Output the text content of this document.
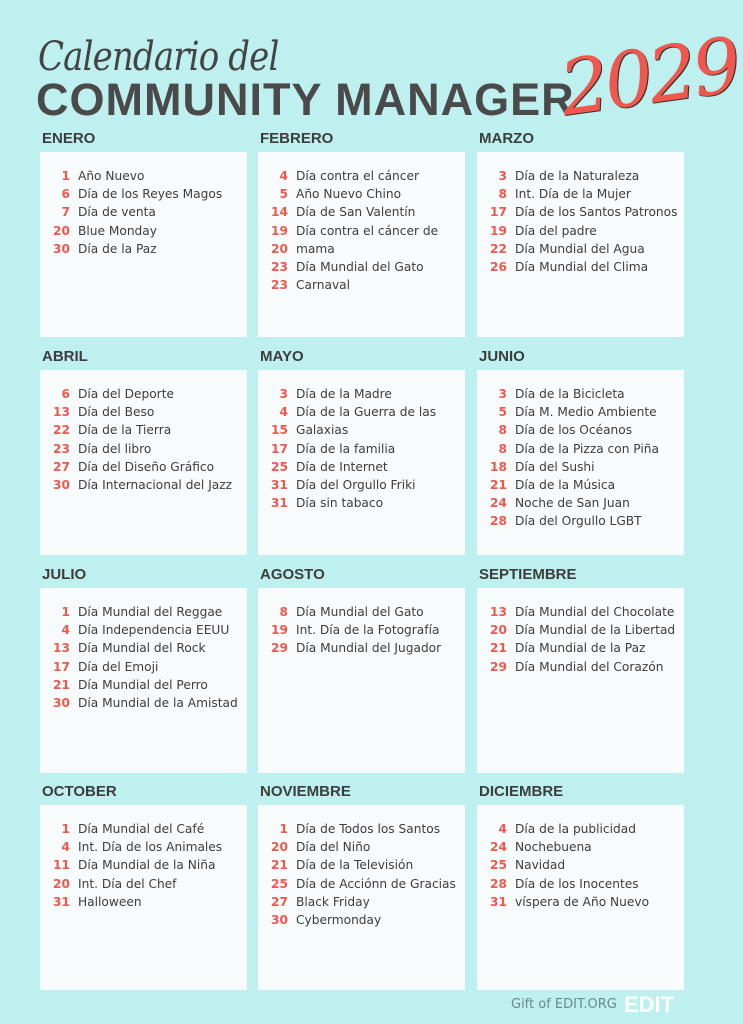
Calendario del
COMMUNITY MANAGER
2029
ENERO
1 Año Nuevo
6 Día de los Reyes Magos
7 Día de venta
20 Blue Monday
30 Día de la Paz
FEBRERO
4 Día contra el cáncer
5 Año Nuevo Chino
14 Día de San Valentín
19 Día contra el cáncer de
20 mama
23 Día Mundial del Gato
23 Carnaval
MARZO
3 Día de la Naturaleza
8 Int. Día de la Mujer
17 Día de los Santos Patronos
19 Día del padre
22 Día Mundial del Agua
26 Día Mundial del Clima
ABRIL
6 Día del Deporte
13 Día del Beso
22 Día de la Tierra
23 Día del libro
27 Día del Diseño Gráfico
30 Día Internacional del Jazz
MAYO
3 Día de la Madre
4 Día de la Guerra de las
15 Galaxias
17 Día de la familia
25 Día de Internet
31 Día del Orgullo Friki
31 Día sin tabaco
JUNIO
3 Día de la Bicicleta
5 Día M. Medio Ambiente
8 Día de los Océanos
8 Día de la Pizza con Piña
18 Día del Sushi
21 Día de la Música
24 Noche de San Juan
28 Día del Orgullo LGBT
JULIO
1 Día Mundial del Reggae
4 Día Independencia EEUU
13 Día Mundial del Rock
17 Día del Emoji
21 Día Mundial del Perro
30 Día Mundial de la Amistad
AGOSTO
8 Día Mundial del Gato
19 Int. Día de la Fotografía
29 Día Mundial del Jugador
SEPTIEMBRE
13 Día Mundial del Chocolate
20 Día Mundial de la Libertad
21 Día Mundial de la Paz
29 Día Mundial del Corazón
OCTOBER
1 Día Mundial del Café
4 Int. Día de los Animales
11 Día Mundial de la Niña
20 Int. Día del Chef
31 Halloween
NOVIEMBRE
1 Día de Todos los Santos
20 Día del Niño
21 Día de la Televisión
25 Día de Acciónn de Gracias
27 Black Friday
30 Cybermonday
DICIEMBRE
4 Día de la publicidad
24 Nochebuena
25 Navidad
28 Día de los Inocentes
31 víspera de Año Nuevo
Gift of EDIT.ORG EDIT
